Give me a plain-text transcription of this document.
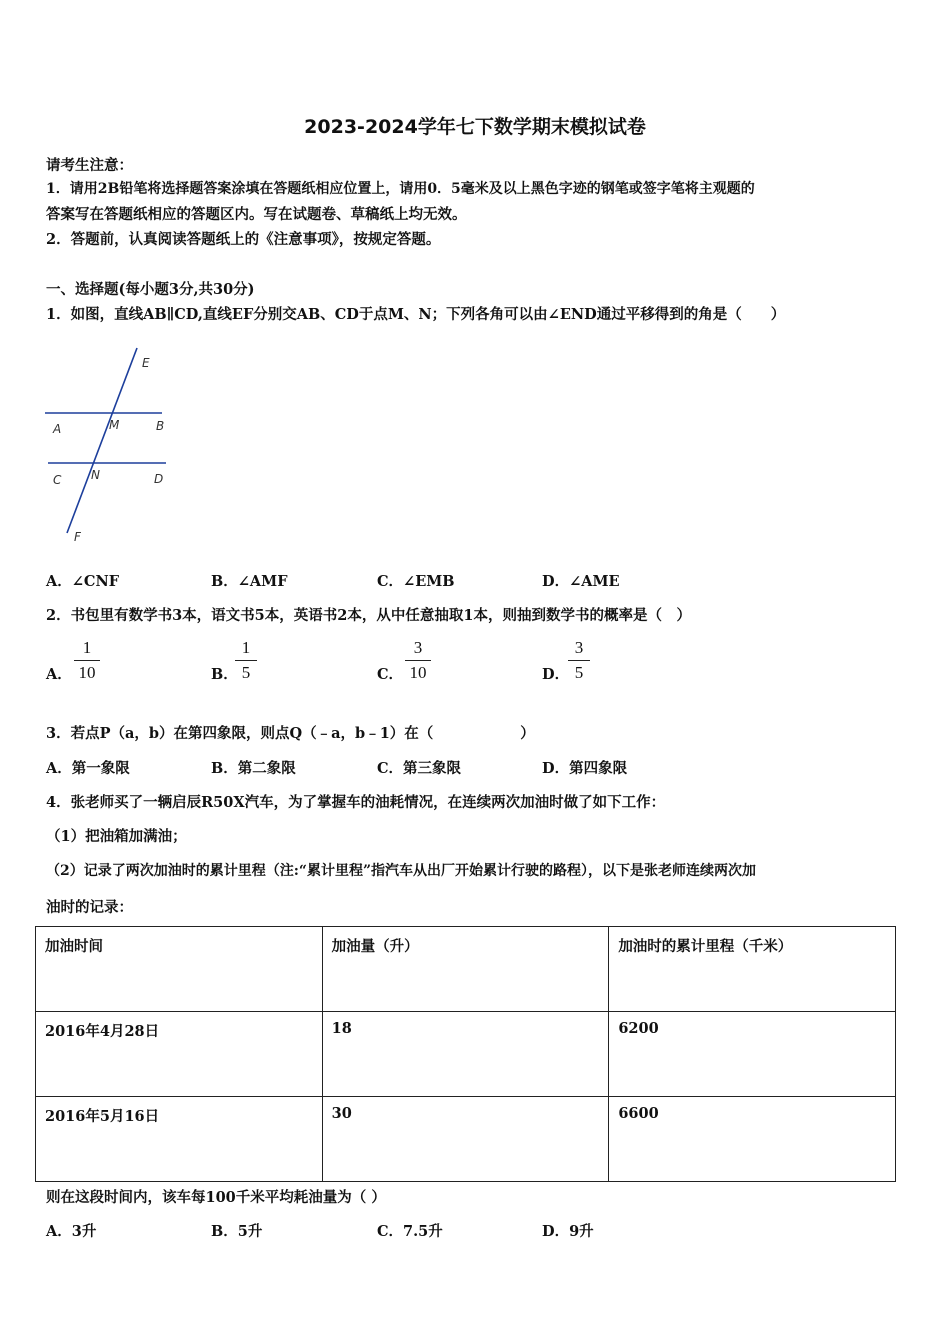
2023-2024学年七下数学期末模拟试卷
请考生注意：
1．请用2B铅笔将选择题答案涂填在答题纸相应位置上，请用0．5毫米及以上黑色字迹的钢笔或签字笔将主观题的
答案写在答题纸相应的答题区内。写在试题卷、草稿纸上均无效。
2．答题前，认真阅读答题纸上的《注意事项》，按规定答题。
一、选择题(每小题3分,共30分)
1．如图，直线AB∥CD,直线EF分别交AB、CD于点M、N；下列各角可以由∠END通过平移得到的角是（　　）
E
A	M	B
C N	D
F
A．∠CNF	B．∠AMF	C．∠EMB	D．∠AME
2．书包里有数学书3本，语文书5本，英语书2本，从中任意抽取1本，则抽到数学书的概率是（　）
A．
1
10	B．
1
5	C．
3
10	D．
3
5
3．若点P（a，b）在第四象限，则点Q（﹣a，b﹣1）在（　　　　　　）
A．第一象限	B．第二象限	C．第三象限	D．第四象限
4．张老师买了一辆启辰R50X汽车，为了掌握车的油耗情况，在连续两次加油时做了如下工作：
（1）把油箱加满油；
（2）记录了两次加油时的累计里程（注:“累计里程”指汽车从出厂开始累计行驶的路程），以下是张老师连续两次加
油时的记录：
加油时间	加油量（升）	加油时的累计里程（千米）
2016年4月28日	18	6200
2016年5月16日	30	6600
则在这段时间内，该车每100千米平均耗油量为（ ）
A．3升	B．5升	C．7.5升	D．9升
